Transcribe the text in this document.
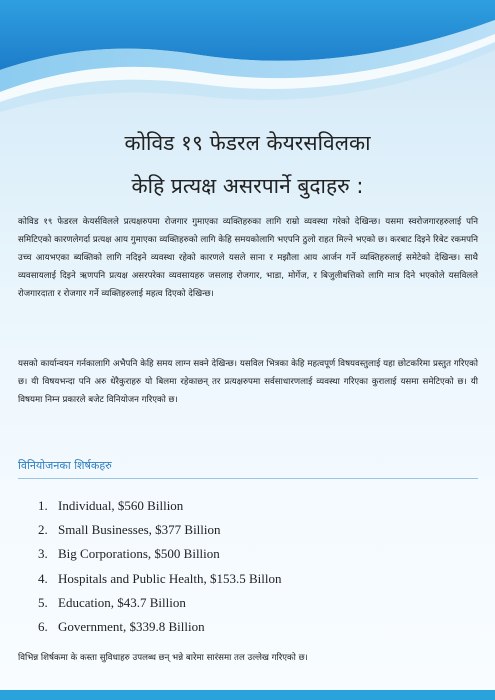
कोविड १९ फेडरल केयरसविलका
केहि प्रत्यक्ष असरपार्ने बुदाहरु :
कोविड १९ फेडरल केयर्सविलले प्रत्यक्षरुपमा रोजगार गुमाएका व्यक्तिहरुका लागि राम्रो व्यवस्था गरेको देखिन्छ। यसमा स्वरोजगारहरुलाई पनि समिटिएको कारणलेगर्दा प्रत्यक्ष आय गुमाएका व्यक्तिहरुको लागि केहि समयकोलागि भएपनि ठुलो राहत मिल्ने भएको छ। करबाट दिइने रिबेट रकमपनि उच्च आयभएका ब्यक्तिको लागि नदिइने व्यवस्था रहेको कारणले यसले साना र मझौला आय आर्जन गर्ने व्यक्तिहरुलाई समेटेको देखिन्छ। साथै व्यवसायलाई दिइने ऋणपनि प्रत्यक्ष असरपरेका व्यवसायहरु जसलाइ रोजगार, भाडा, मोर्गेज, र बिजुलीबत्तिको लागि मात्र दिने भएकोले यसविलले रोजगारदाता र रोजगार गर्ने व्यक्तिहरुलाई महत्व दिएको देखिन्छ।
यसको कार्यान्वयन गर्नकालागि अभैपनि केहि समय लाग्न सक्ने देखिन्छ। यसविल भित्रका केहि महत्वपूर्ण विषयवस्तुलाई यहा छोटकरिमा प्रस्तुत गरिएको छ। यी विषयभन्दा पनि अरु धेरैकुराहरु यो बिलमा रहेकाछन् तर प्रत्यक्षरुपमा सर्वसाधारणलाई व्यवस्था गरिएका कुरालाई यसमा समेटिएको छ। यी विषयमा निम्न प्रकारले बजेट विनियोजन गरिएको छ।
विनियोजनका शिर्षकहरु
1. Individual, $560 Billion
2. Small Businesses, $377 Billion
3. Big Corporations, $500 Billion
4. Hospitals and Public Health, $153.5 Billon
5. Education, $43.7 Billion
6. Government, $339.8 Billion
विभिन्न शिर्षकमा के कस्ता सुविधाहरु उपलब्ध छन् भन्ने बारेमा सारंसमा तल उल्लेख गरिएको छ।
